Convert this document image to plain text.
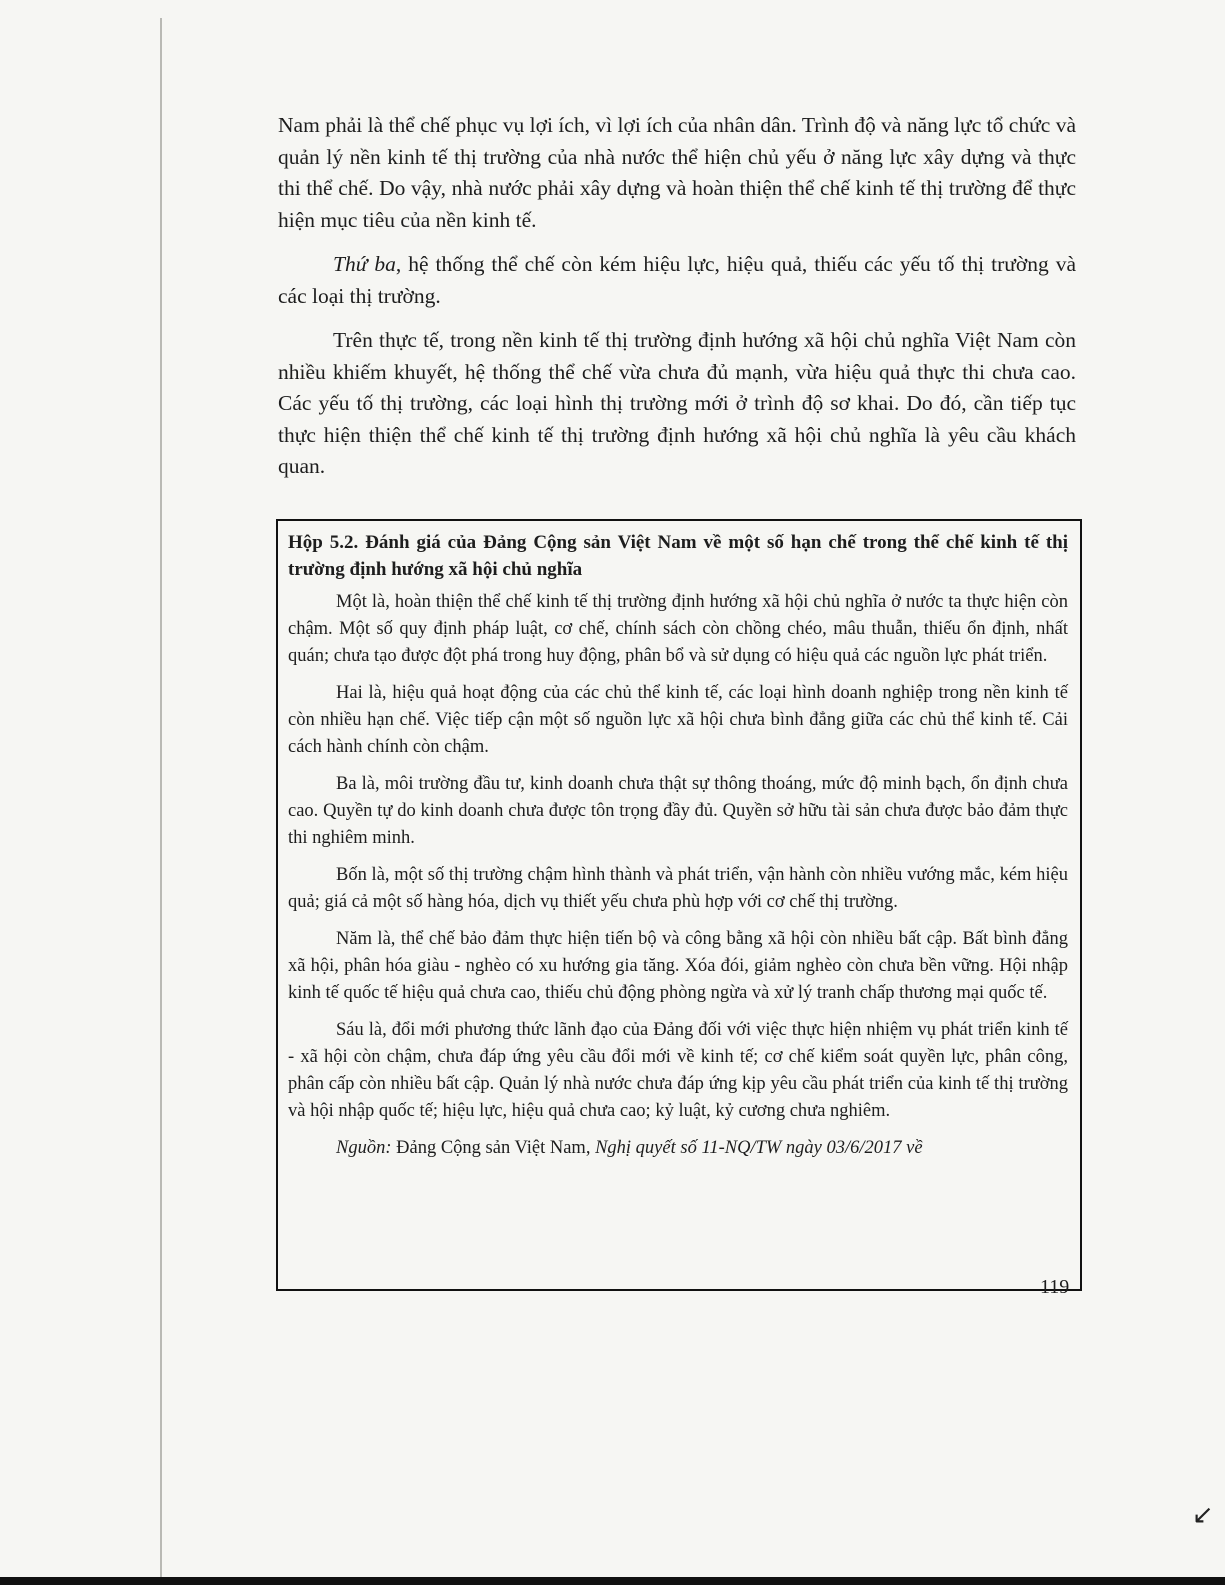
Nam phải là thể chế phục vụ lợi ích, vì lợi ích của nhân dân. Trình độ và năng lực tổ chức và quản lý nền kinh tế thị trường của nhà nước thể hiện chủ yếu ở năng lực xây dựng và thực thi thể chế. Do vậy, nhà nước phải xây dựng và hoàn thiện thể chế kinh tế thị trường để thực hiện mục tiêu của nền kinh tế.

Thứ ba, hệ thống thể chế còn kém hiệu lực, hiệu quả, thiếu các yếu tố thị trường và các loại thị trường.

Trên thực tế, trong nền kinh tế thị trường định hướng xã hội chủ nghĩa Việt Nam còn nhiều khiếm khuyết, hệ thống thể chế vừa chưa đủ mạnh, vừa hiệu quả thực thi chưa cao. Các yếu tố thị trường, các loại hình thị trường mới ở trình độ sơ khai. Do đó, cần tiếp tục thực hiện thiện thể chế kinh tế thị trường định hướng xã hội chủ nghĩa là yêu cầu khách quan.

Hộp 5.2. Đánh giá của Đảng Cộng sản Việt Nam về một số hạn chế trong thể chế kinh tế thị trường định hướng xã hội chủ nghĩa

Một là, hoàn thiện thể chế kinh tế thị trường định hướng xã hội chủ nghĩa ở nước ta thực hiện còn chậm. Một số quy định pháp luật, cơ chế, chính sách còn chồng chéo, mâu thuẫn, thiếu ổn định, nhất quán; chưa tạo được đột phá trong huy động, phân bổ và sử dụng có hiệu quả các nguồn lực phát triển.

Hai là, hiệu quả hoạt động của các chủ thể kinh tế, các loại hình doanh nghiệp trong nền kinh tế còn nhiều hạn chế. Việc tiếp cận một số nguồn lực xã hội chưa bình đẳng giữa các chủ thể kinh tế. Cải cách hành chính còn chậm.

Ba là, môi trường đầu tư, kinh doanh chưa thật sự thông thoáng, mức độ minh bạch, ổn định chưa cao. Quyền tự do kinh doanh chưa được tôn trọng đầy đủ. Quyền sở hữu tài sản chưa được bảo đảm thực thi nghiêm minh.

Bốn là, một số thị trường chậm hình thành và phát triển, vận hành còn nhiều vướng mắc, kém hiệu quả; giá cả một số hàng hóa, dịch vụ thiết yếu chưa phù hợp với cơ chế thị trường.

Năm là, thể chế bảo đảm thực hiện tiến bộ và công bằng xã hội còn nhiều bất cập. Bất bình đẳng xã hội, phân hóa giàu - nghèo có xu hướng gia tăng. Xóa đói, giảm nghèo còn chưa bền vững. Hội nhập kinh tế quốc tế hiệu quả chưa cao, thiếu chủ động phòng ngừa và xử lý tranh chấp thương mại quốc tế.

Sáu là, đổi mới phương thức lãnh đạo của Đảng đối với việc thực hiện nhiệm vụ phát triển kinh tế - xã hội còn chậm, chưa đáp ứng yêu cầu đổi mới về kinh tế; cơ chế kiểm soát quyền lực, phân công, phân cấp còn nhiều bất cập. Quản lý nhà nước chưa đáp ứng kịp yêu cầu phát triển của kinh tế thị trường và hội nhập quốc tế; hiệu lực, hiệu quả chưa cao; kỷ luật, kỷ cương chưa nghiêm.

Nguồn: Đảng Cộng sản Việt Nam, Nghị quyết số 11-NQ/TW ngày 03/6/2017 về

119
↙
